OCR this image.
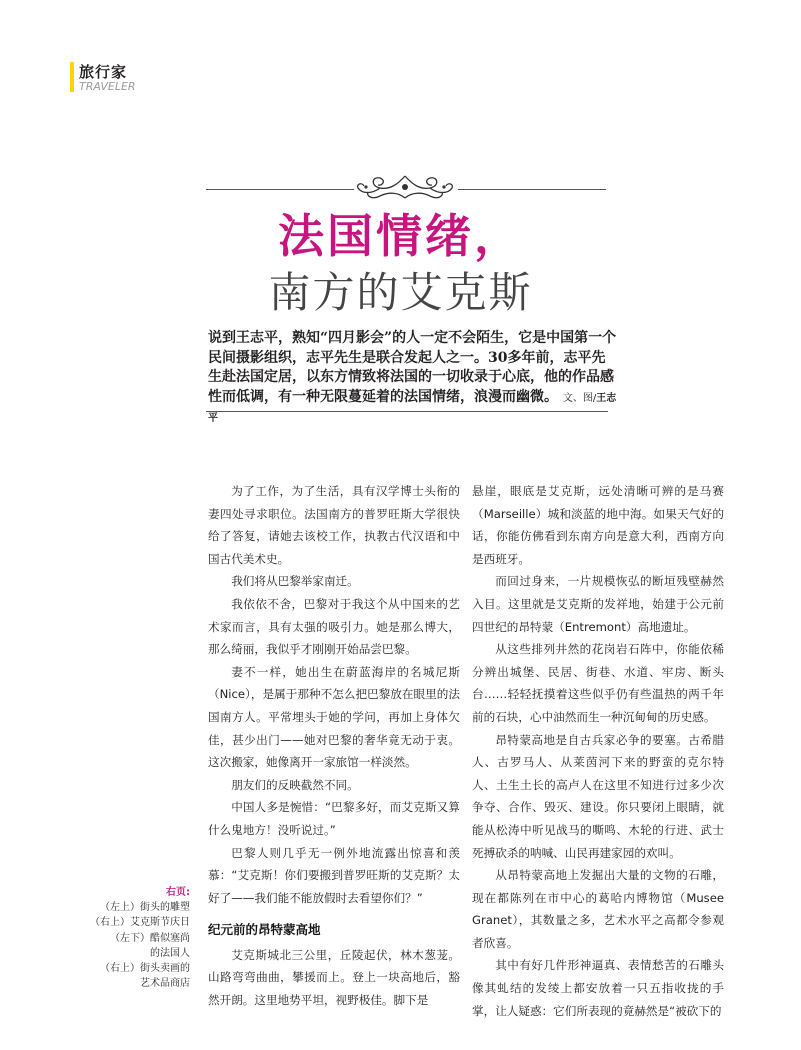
旅行家
TRAVELER
法国情绪，
南方的艾克斯
说到王志平，熟知“四月影会”的人一定不会陌生，它是中国第一个民间摄影组织，志平先生是联合发起人之一。30多年前，志平先生赴法国定居，以东方情致将法国的一切收录于心底，他的作品感性而低调，有一种无限蔓延着的法国情绪，浪漫而幽微。 文、图/王志平

为了工作，为了生活，具有汉学博士头衔的妻四处寻求职位。法国南方的普罗旺斯大学很快给了答复，请她去该校工作，执教古代汉语和中国古代美术史。

我们将从巴黎举家南迁。

我依依不舍，巴黎对于我这个从中国来的艺术家而言，具有太强的吸引力。她是那么博大，那么绮丽，我似乎才刚刚开始品尝巴黎。

妻不一样，她出生在蔚蓝海岸的名城尼斯（Nice），是属于那种不怎么把巴黎放在眼里的法国南方人。平常埋头于她的学问，再加上身体欠佳，甚少出门——她对巴黎的奢华竟无动于衷。这次搬家，她像离开一家旅馆一样淡然。

朋友们的反映截然不同。

中国人多是惋惜：“巴黎多好，而艾克斯又算什么鬼地方！没听说过。”

巴黎人则几乎无一例外地流露出惊喜和羡慕：“艾克斯！你们要搬到普罗旺斯的艾克斯？太好了——我们能不能放假时去看望你们？”

纪元前的昂特蒙高地

艾克斯城北三公里，丘陵起伏，林木葱茏。山路弯弯曲曲，攀援而上。登上一块高地后，豁然开朗。这里地势平坦，视野极佳。脚下是

悬崖，眼底是艾克斯，远处清晰可辨的是马赛（Marseille）城和淡蓝的地中海。如果天气好的话，你能仿佛看到东南方向是意大利，西南方向是西班牙。

而回过身来，一片规模恢弘的断垣残壁赫然入目。这里就是艾克斯的发祥地，始建于公元前四世纪的昂特蒙（Entremont）高地遗址。

从这些排列井然的花岗岩石阵中，你能依稀分辨出城堡、民居、街巷、水道、牢房、断头台……轻轻抚摸着这些似乎仍有些温热的两千年前的石块，心中油然而生一种沉甸甸的历史感。

昂特蒙高地是自古兵家必争的要塞。古希腊人、古罗马人、从莱茵河下来的野蛮的克尔特人、土生土长的高卢人在这里不知进行过多少次争夺、合作、毁灭、建设。你只要闭上眼睛，就能从松涛中听见战马的嘶鸣、木轮的行进、武士死搏砍杀的呐喊、山民再建家园的欢叫。

从昂特蒙高地上发掘出大量的文物的石雕，现在都陈列在市中心的葛哈内博物馆（Musee Granet），其数量之多，艺术水平之高都令参观者欣喜。

其中有好几件形神逼真、表情愁苦的石雕头像其虬结的发绫上都安放着一只五指收拢的手掌，让人疑惑：它们所表现的竟赫然是“被砍下的

右页:
（左上）街头的雕塑
（右上）艾克斯节庆日
（左下）酷似塞尚
的法国人
（右上）街头卖画的
艺术品商店
